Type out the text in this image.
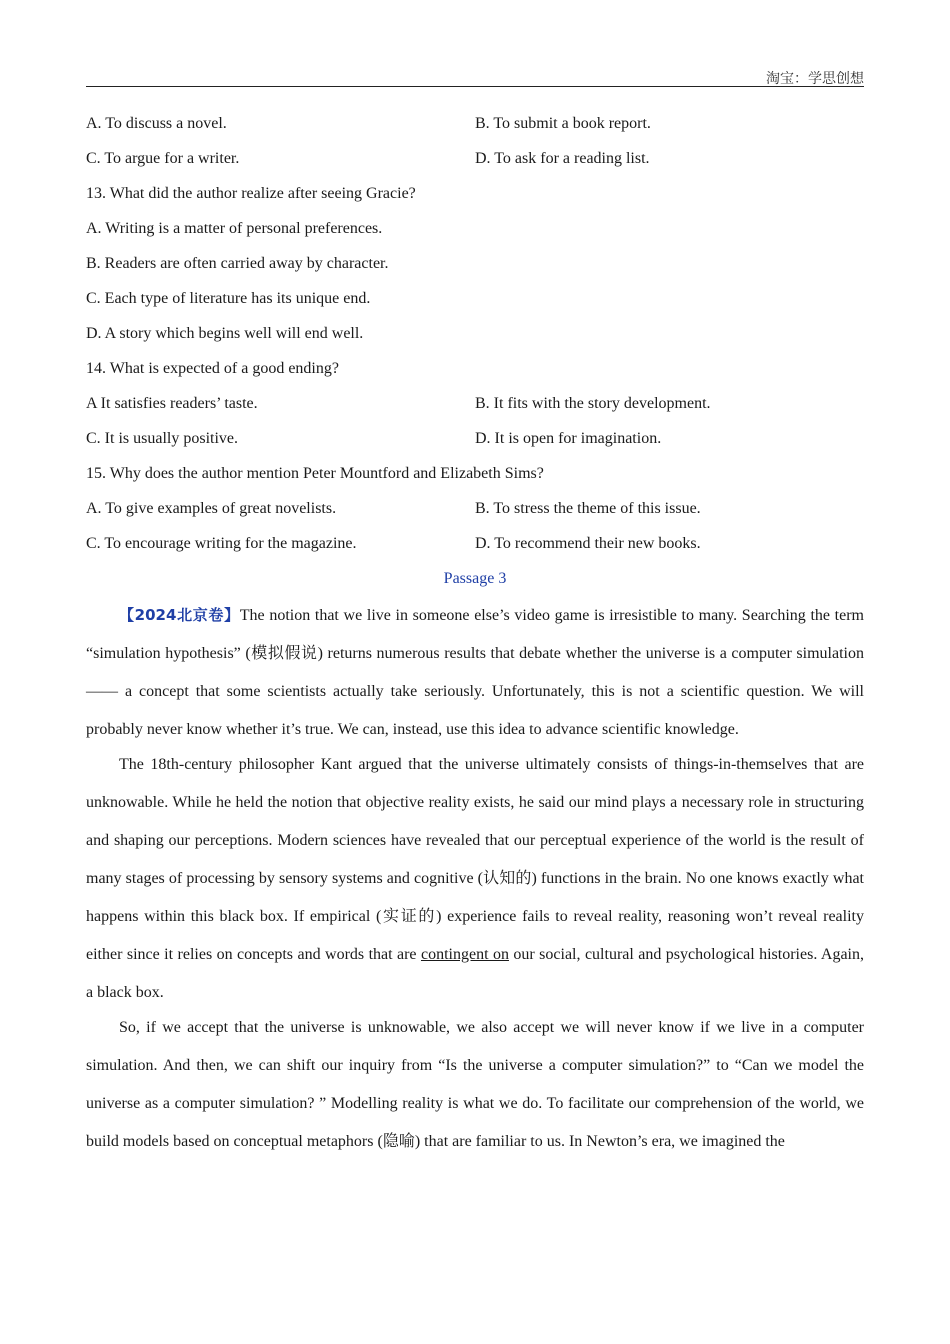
淘宝：学思创想
A. To discuss a novel.	B. To submit a book report.
C. To argue for a writer.	D. To ask for a reading list.
13. What did the author realize after seeing Gracie?
A. Writing is a matter of personal preferences.
B. Readers are often carried away by character.
C. Each type of literature has its unique end.
D. A story which begins well will end well.
14. What is expected of a good ending?
A It satisfies readers’ taste.	B. It fits with the story development.
C. It is usually positive.	D. It is open for imagination.
15. Why does the author mention Peter Mountford and Elizabeth Sims?
A. To give examples of great novelists.	B. To stress the theme of this issue.
C. To encourage writing for the magazine.	D. To recommend their new books.
Passage 3

【2024北京卷】The notion that we live in someone else’s video game is irresistible to many. Searching the term “simulation hypothesis” (模拟假说) returns numerous results that debate whether the universe is a computer simulation —— a concept that some scientists actually take seriously. Unfortunately, this is not a scientific question. We will probably never know whether it’s true. We can, instead, use this idea to advance scientific knowledge.

The 18th-century philosopher Kant argued that the universe ultimately consists of things-in-themselves that are unknowable. While he held the notion that objective reality exists, he said our mind plays a necessary role in structuring and shaping our perceptions. Modern sciences have revealed that our perceptual experience of the world is the result of many stages of processing by sensory systems and cognitive (认知的) functions in the brain. No one knows exactly what happens within this black box. If empirical (实证的) experience fails to reveal reality, reasoning won’t reveal reality either since it relies on concepts and words that are contingent on our social, cultural and psychological histories. Again, a black box.

So, if we accept that the universe is unknowable, we also accept we will never know if we live in a computer simulation. And then, we can shift our inquiry from “Is the universe a computer simulation?” to “Can we model the universe as a computer simulation? ” Modelling reality is what we do. To facilitate our comprehension of the world, we build models based on conceptual metaphors (隐喻) that are familiar to us. In Newton’s era, we imagined the
